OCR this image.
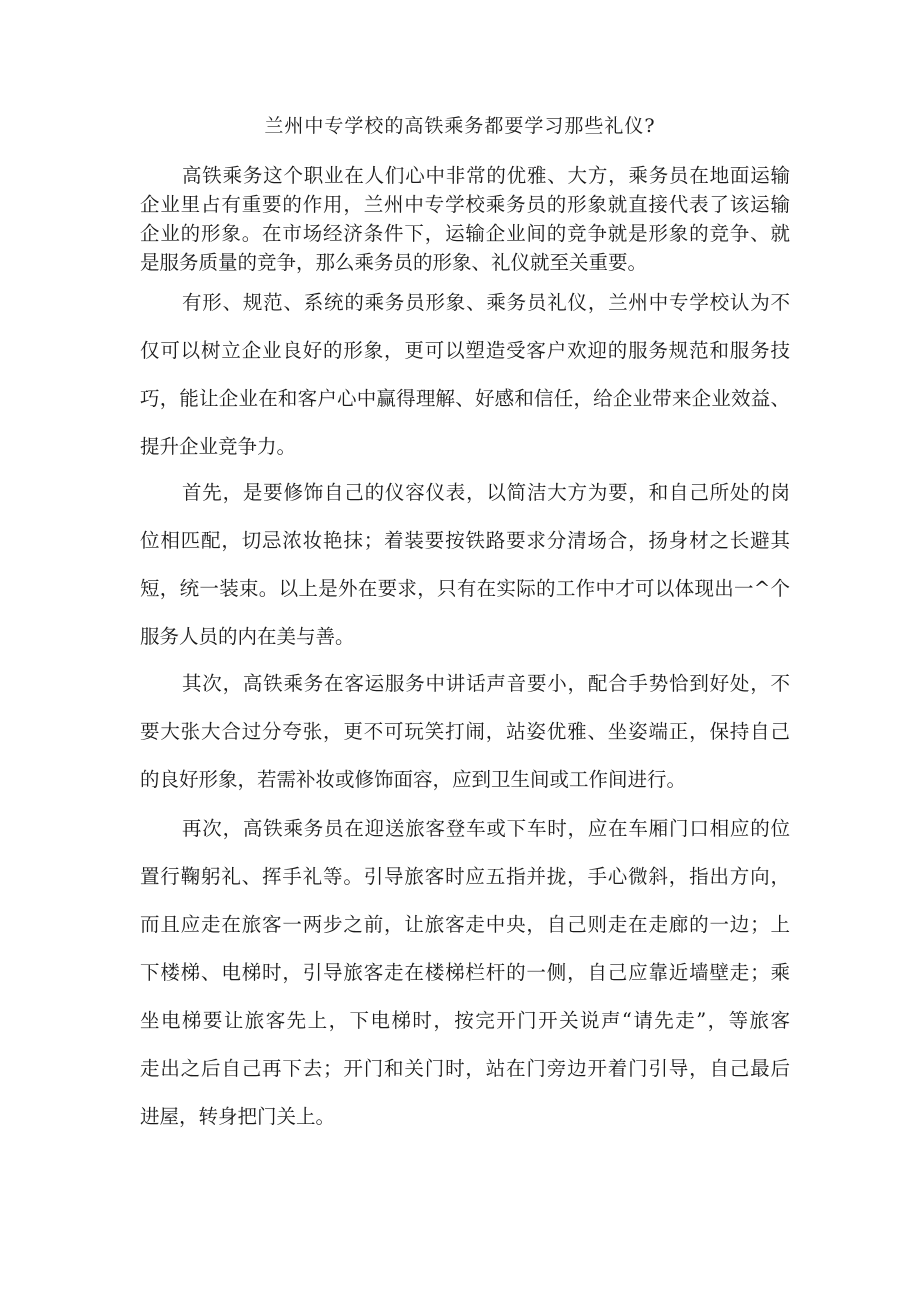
兰州中专学校的高铁乘务都要学习那些礼仪?
高铁乘务这个职业在人们心中非常的优雅、大方，乘务员在地面运输
企业里占有重要的作用，兰州中专学校乘务员的形象就直接代表了该运输
企业的形象。在市场经济条件下，运输企业间的竞争就是形象的竞争、就
是服务质量的竞争，那么乘务员的形象、礼仪就至关重要。
有形、规范、系统的乘务员形象、乘务员礼仪，兰州中专学校认为不
仅可以树立企业良好的形象，更可以塑造受客户欢迎的服务规范和服务技
巧，能让企业在和客户心中赢得理解、好感和信任，给企业带来企业效益、
提升企业竞争力。
首先，是要修饰自己的仪容仪表，以简洁大方为要，和自己所处的岗
位相匹配，切忌浓妆艳抹；着装要按铁路要求分清场合，扬身材之长避其
短，统一装束。以上是外在要求，只有在实际的工作中才可以体现出一^个
服务人员的内在美与善。
其次，高铁乘务在客运服务中讲话声音要小，配合手势恰到好处，不
要大张大合过分夸张，更不可玩笑打闹，站姿优雅、坐姿端正，保持自己
的良好形象，若需补妆或修饰面容，应到卫生间或工作间进行。
再次，高铁乘务员在迎送旅客登车或下车时，应在车厢门口相应的位
置行鞠躬礼、挥手礼等。引导旅客时应五指并拢，手心微斜，指出方向，
而且应走在旅客一两步之前，让旅客走中央，自己则走在走廊的一边；上
下楼梯、电梯时，引导旅客走在楼梯栏杆的一侧，自己应靠近墙壁走；乘
坐电梯要让旅客先上，下电梯时，按完开门开关说声“请先走”，等旅客
走出之后自己再下去；开门和关门时，站在门旁边开着门引导，自己最后
进屋，转身把门关上。
